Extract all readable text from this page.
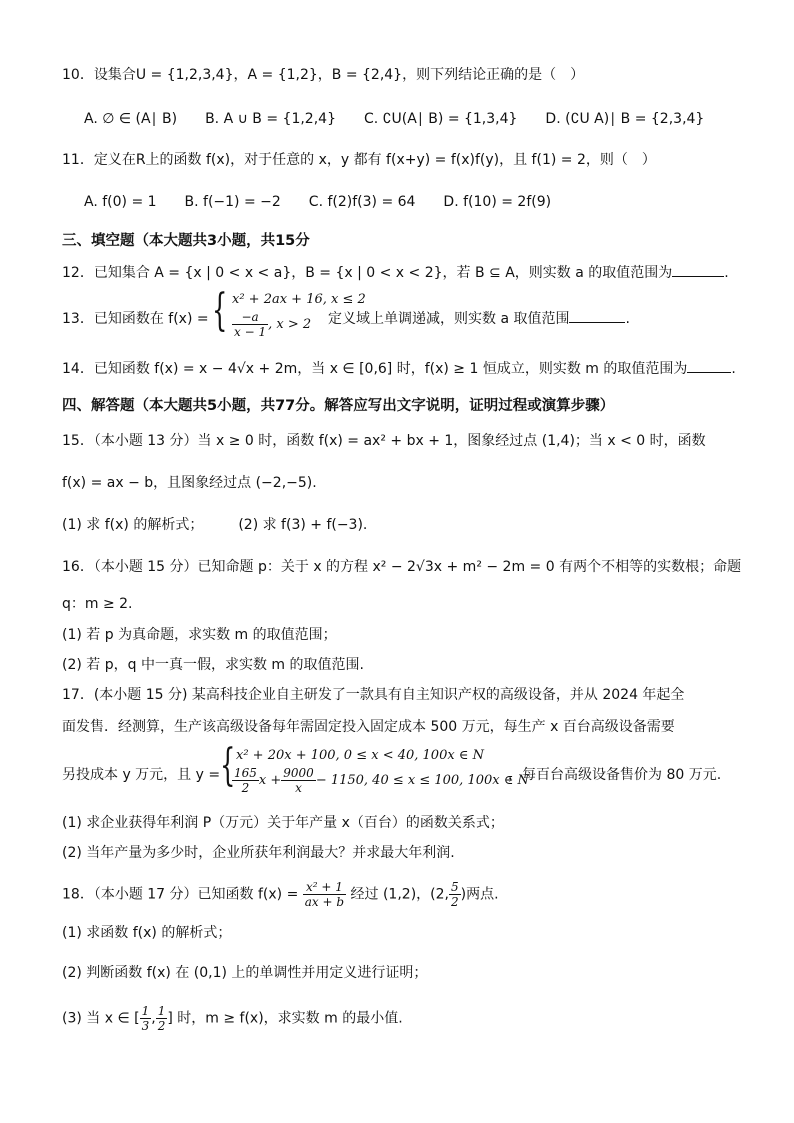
10．设集合U = {1,2,3,4}，A = {1,2}，B = {2,4}，则下列结论正确的是（　）
A. ∅ ∈ (A∣ B)　　B. A ∪ B = {1,2,4}　　C. ∁U(A∣ B) = {1,3,4}　　D. (∁U A)∣ B = {2,3,4}
11．定义在R上的函数 f(x)，对于任意的 x，y 都有 f(x+y) = f(x)f(y)，且 f(1) = 2，则（　）
A. f(0) = 1　　B. f(−1) = −2　　C. f(2)f(3) = 64　　D. f(10) = 2f(9)
三、填空题（本大题共3小题，共15分
12．已知集合 A = {x | 0 < x < a}，B = {x | 0 < x < 2}，若 B ⊆ A，则实数 a 的取值范围为	.
13．已知函数在 f(x) = { x² + 2ax + 16, x ≤ 2
$\frac{-a}{x - 1}$ , x > 2 定义域上单调递减，则实数 a 取值范围	.
14．已知函数 f(x) = x − 4√x + 2m，当 x ∈ [0,6] 时，f(x) ≥ 1 恒成立，则实数 m 的取值范围为	.
四、解答题（本大题共5小题，共77分。解答应写出文字说明，证明过程或演算步骤）
15．（本小题 13 分）当 x ≥ 0 时，函数 f(x) = ax² + bx + 1，图象经过点 (1,4)；当 x < 0 时，函数
f(x) = ax − b，且图象经过点 (−2,−5).
(1) 求 f(x) 的解析式；　　　(2) 求 f(3) + f(−3).
16．（本小题 15 分）已知命题 p：关于 x 的方程 x² − 2√3x + m² − 2m = 0 有两个不相等的实数根；命题
q：m ≥ 2.
(1) 若 p 为真命题，求实数 m 的取值范围；
(2) 若 p，q 中一真一假，求实数 m 的取值范围.
17．(本小题 15 分) 某高科技企业自主研发了一款具有自主知识产权的高级设备，并从 2024 年起全
面发售．经测算，生产该高级设备每年需固定投入固定成本 500 万元，每生产 x 百台高级设备需要
另投成本 y 万元，且 y = { x² + 20x + 100, 0 ≤ x < 40, 100x ∈ N
$\frac{165}{2}$ $x + \frac{9000}{x} - 1150$, 40 ≤ x ≤ 100, 100x ∈ N
，每百台高级设备售价为 80 万元.
(1) 求企业获得年利润 P（万元）关于年产量 x（百台）的函数关系式；
(2) 当年产量为多少时，企业所获年利润最大？并求最大年利润.
18．（本小题 17 分）已知函数 $f(x) = \frac{\text{x² + 1}}{ax + b}$ 经过 (1,2)，(2, $\frac{5}{2}$ )两点.
(1) 求函数 f(x) 的解析式；
(2) 判断函数 f(x) 在 (0,1) 上的单调性并用定义进行证明；
(3) 当 x ∈ [ $\frac{1}{3}$ , $\frac{1}{2}$ ] 时，m ≥ f(x)，求实数 m 的最小值.
